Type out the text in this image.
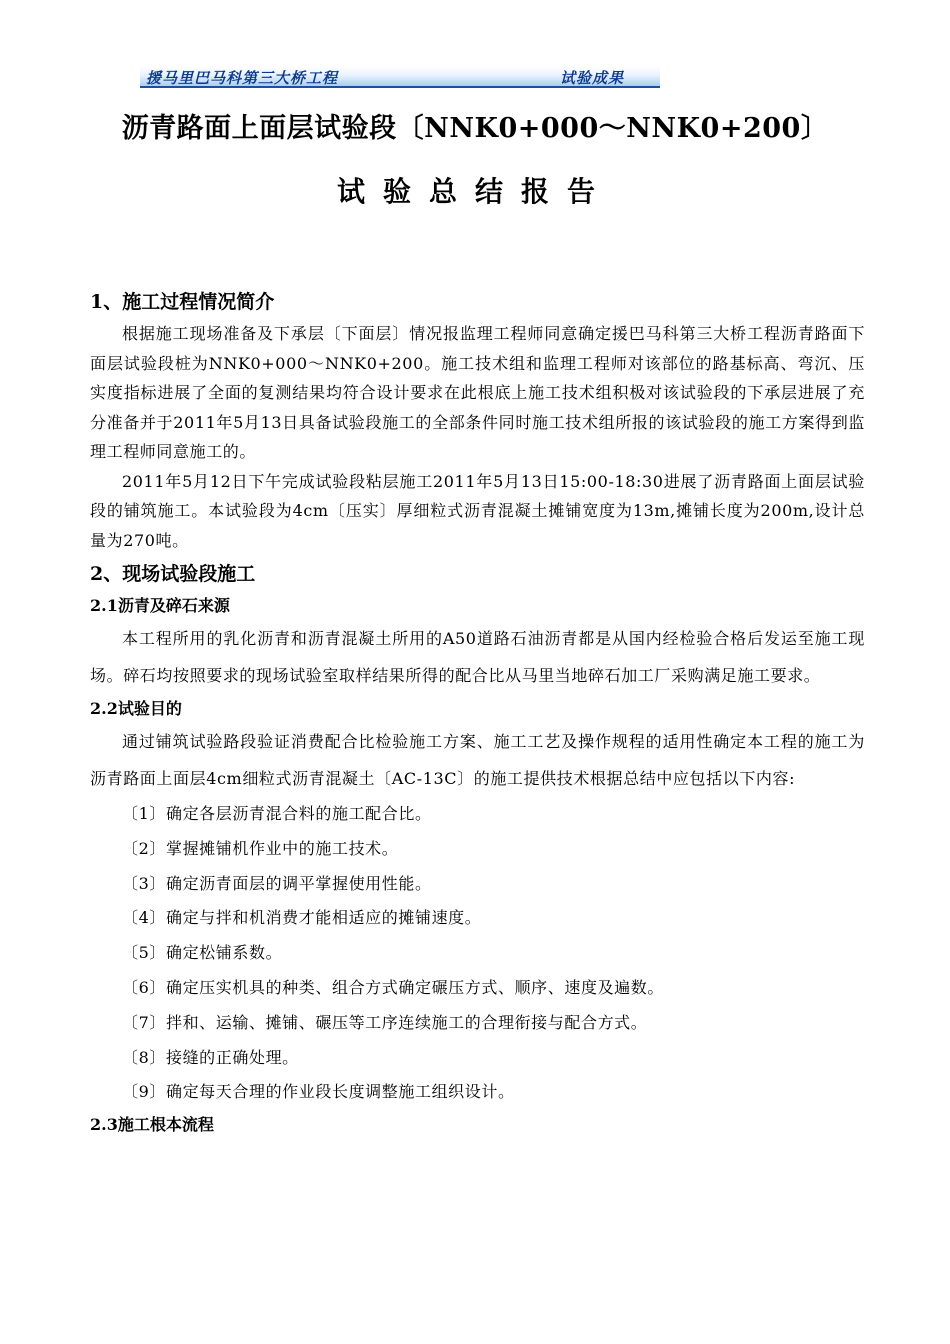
援马里巴马科第三大桥工程	试验成果
沥青路面上面层试验段〔NNK0+000～NNK0+200〕
试验总结报告

1、施工过程情况简介

根据施工现场准备及下承层〔下面层〕情况报监理工程师同意确定援巴马科第三大桥工程沥青路面下面层试验段桩为NNK0+000～NNK0+200。施工技术组和监理工程师对该部位的路基标高、弯沉、压实度指标进展了全面的复测结果均符合设计要求在此根底上施工技术组积极对该试验段的下承层进展了充分准备并于2011年5月13日具备试验段施工的全部条件同时施工技术组所报的该试验段的施工方案得到监理工程师同意施工的。

2011年5月12日下午完成试验段粘层施工2011年5月13日15:00-18:30进展了沥青路面上面层试验段的铺筑施工。本试验段为4cm〔压实〕厚细粒式沥青混凝土摊铺宽度为13m,摊铺长度为200m,设计总量为270吨。

2、现场试验段施工

2.1沥青及碎石来源

本工程所用的乳化沥青和沥青混凝土所用的A50道路石油沥青都是从国内经检验合格后发运至施工现场。碎石均按照要求的现场试验室取样结果所得的配合比从马里当地碎石加工厂采购满足施工要求。

2.2试验目的

通过铺筑试验路段验证消费配合比检验施工方案、施工工艺及操作规程的适用性确定本工程的施工为沥青路面上面层4cm细粒式沥青混凝土〔AC-13C〕的施工提供技术根据总结中应包括以下内容:

〔1〕确定各层沥青混合料的施工配合比。

〔2〕掌握摊铺机作业中的施工技术。

〔3〕确定沥青面层的调平掌握使用性能。

〔4〕确定与拌和机消费才能相适应的摊铺速度。

〔5〕确定松铺系数。

〔6〕确定压实机具的种类、组合方式确定碾压方式、顺序、速度及遍数。

〔7〕拌和、运输、摊铺、碾压等工序连续施工的合理衔接与配合方式。

〔8〕接缝的正确处理。

〔9〕确定每天合理的作业段长度调整施工组织设计。

2.3施工根本流程
